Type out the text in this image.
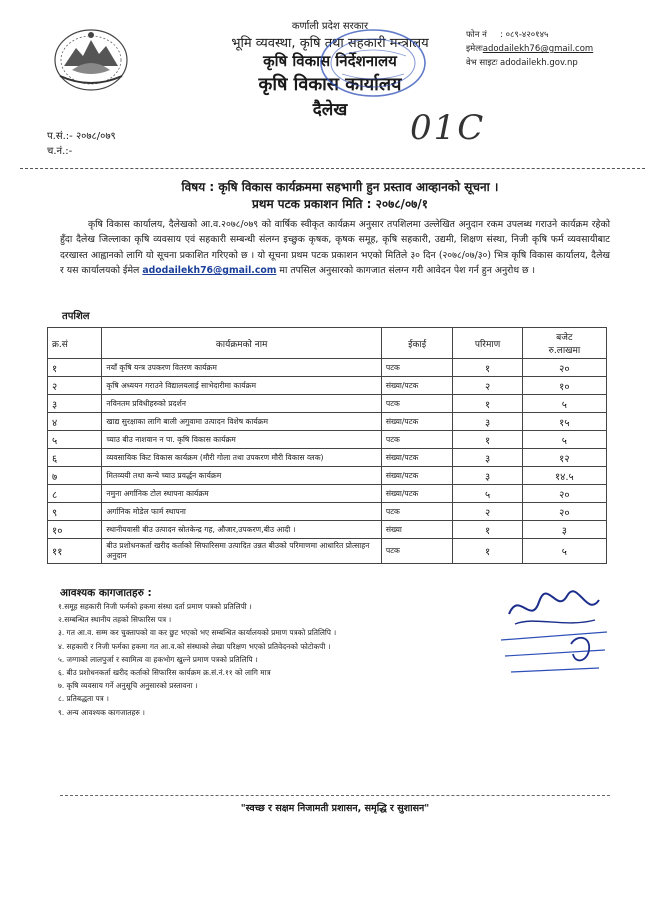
कर्णाली प्रदेश सरकार
भूमि व्यवस्था, कृषि तथा सहकारी मन्त्रालय
कृषि विकास निर्देशनालय
कृषि विकास कार्यालय
दैलेख
फोन नं : ०८९-४२०१४५
इमेलःadodailekh76@gmail.com
वेभ साइटः adodailekh.gov.np
प.सं.:- २०७८/०७९
च.नं.:-
01C
विषय : कृषि विकास कार्यक्रममा सहभागी हुन प्रस्ताव आव्हानको सूचना ।
प्रथम पटक प्रकाशन मिति : २०७८/०७/१
कृषि विकास कार्यालय, दैलेखको आ.व.२०७८/०७९ को वार्षिक स्वीकृत कार्यक्रम अनुसार तपशिलमा उल्लेखित अनुदान रकम उपलब्ध गराउने कार्यक्रम रहेको हुँदा दैलेख जिल्लाका कृषि व्यवसाय एवं सहकारी सम्बन्धी संलग्न इच्छुक कृषक, कृषक समूह, कृषि सहकारी, उद्यमी, शिक्षण संस्था, निजी कृषि फर्म व्यवसायीबाट दरखास्त आह्वानको लागि यो सूचना प्रकाशित गरिएको छ । यो सूचना प्रथम पटक प्रकाशन भएको मितिले ३० दिन (२०७८/०७/३०) भित्र कृषि विकास कार्यालय, दैलेख र यस कार्यालयको ईमेल adodailekh76@gmail.com मा तपसिल अनुसारको कागजात संलग्न गरी आवेदन पेश गर्न हुन अनुरोध छ ।
तपशिल
क्र.सं	कार्यक्रमको नाम	ईकाई	परिमाण	बजेट
रु.लाखमा

१	नयाँ कृषि यन्त्र उपकरण वितरण कार्यक्रम	पटक	१	२०
२	कृषि अध्ययन गराउने विद्यालयलाई साभेदारीमा कार्यक्रम	संख्या/पटक	२	१०
३	नविनतम प्रविधीहरुको प्रदर्शन	पटक	१	५
४	खाद्य सुरक्षाका लागि बाली अगुवामा उत्पादन विशेष कार्यक्रम	संख्या/पटक	३	१५
५	च्याउ बीउ नाशवान न पा. कृषि विकास कार्यक्रम	पटक	१	५
६	व्यवसायिक किट विकास कार्यक्रम (मौरी गोला तथा उपकरण मौरी विकास व्लक)	संख्या/पटक	३	१२
७	मितव्ययी तथा कन्ये च्याउ प्रवर्द्धन कार्यक्रम	संख्या/पटक	३	१४.५
८	नमुना अर्गानिक टोल स्थापना कार्यक्रम	संख्या/पटक	५	२०
९	अर्गानिक मोडेल फार्म स्थापना	पटक	२	२०
१०	स्थानीयवासी बीउ उत्पादन स्रोतकेन्द्र गह, औजार,उपकरण,बीउ आदी ।	संख्या	१	३
११	बीउ प्रशोधनकर्ता खरीद कर्ताको सिफारिसमा उत्पादित उन्नत बीउको परिमाणमा आधारित प्रोत्साहन अनुदान	पटक	१	५
आवश्यक कागजातहरु :
१.समूह सहकारी निजी फर्मको हकमा संस्था दर्ता प्रमाण पत्रको प्रतिलिपी ।
२.सम्बन्धित स्थानीय तहको सिफारिस पत्र ।
३. गत आ.व. सम्म कर चुक्तापको वा कर छुट भएको भए सम्बन्धित कार्यालयको प्रमाण पत्रको प्रतिलिपि ।
४. सहकारी र निजी फर्मका हकमा गत आ.व.को संस्थाको लेखा परिक्षण भएको प्रतिवेदनको फोटोकपी ।
५. जग्गाको लालपुर्जा र स्वामित्व वा हकभोग खुल्ने प्रमाण पत्रको प्रतिलिपि ।
६. बीउ प्रशोधनकर्ता खरीद कर्ताको सिफारिस कार्यक्रम क्र.सं.नं.११ को लागि मात्र
७. कृषि व्यवसाय गर्ने अनुसूचि अनुसारको प्रस्तावना ।
८. प्रतिबद्धता पत्र ।
९. अन्य आवश्यक कागजातहरु ।
"स्वच्छ र सक्षम निजामती प्रशासन, समृद्धि र सुशासन"
